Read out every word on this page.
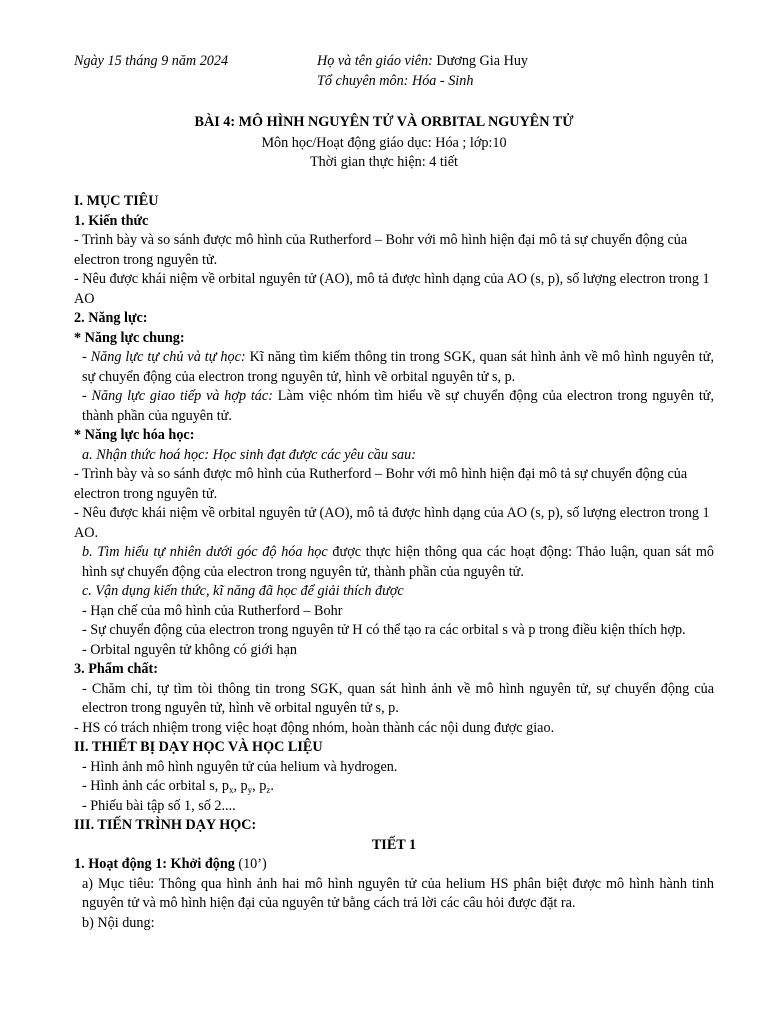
Ngày 15 tháng 9 năm 2024	Họ và tên giáo viên: Dương Gia Huy
Tổ chuyên môn: Hóa - Sinh
BÀI 4: MÔ HÌNH NGUYÊN TỬ VÀ ORBITAL NGUYÊN TỬ
Môn học/Hoạt động giáo dục: Hóa ; lớp:10
Thời gian thực hiện: 4 tiết

I. MỤC TIÊU

1. Kiến thức

- Trình bày và so sánh được mô hình của Rutherford – Bohr với mô hình hiện đại mô tả sự chuyển động của electron trong nguyên tử.

- Nêu được khái niệm về orbital nguyên tử (AO), mô tả được hình dạng của AO (s, p), số lượng electron trong 1 AO

2. Năng lực:

* Năng lực chung:

- Năng lực tự chủ và tự học: Kĩ năng tìm kiếm thông tin trong SGK, quan sát hình ảnh về mô hình nguyên tử, sự chuyển động của electron trong nguyên tử, hình vẽ orbital nguyên tử s, p.

- Năng lực giao tiếp và hợp tác: Làm việc nhóm tìm hiểu về sự chuyển động của electron trong nguyên tử, thành phần của nguyên tử.

* Năng lực hóa học:

a. Nhận thức hoá học: Học sinh đạt được các yêu cầu sau:

- Trình bày và so sánh được mô hình của Rutherford – Bohr với mô hình hiện đại mô tả sự chuyển động của electron trong nguyên tử.

- Nêu được khái niệm về orbital nguyên tử (AO), mô tả được hình dạng của AO (s, p), số lượng electron trong 1 AO.

b. Tìm hiểu tự nhiên dưới góc độ hóa học được thực hiện thông qua các hoạt động: Thảo luận, quan sát mô hình sự chuyển động của electron trong nguyên tử, thành phần của nguyên tử.

c. Vận dụng kiến thức, kĩ năng đã học để giải thích được

- Hạn chế của mô hình của Rutherford – Bohr

- Sự chuyển động của electron trong nguyên tử H có thể tạo ra các orbital s và p trong điều kiện thích hợp.

- Orbital nguyên tử không có giới hạn

3. Phẩm chất:

- Chăm chỉ, tự tìm tòi thông tin trong SGK, quan sát hình ảnh về mô hình nguyên tử, sự chuyển động của electron trong nguyên tử, hình vẽ orbital nguyên tử s, p.

- HS có trách nhiệm trong việc hoạt động nhóm, hoàn thành các nội dung được giao.

II. THIẾT BỊ DẠY HỌC VÀ HỌC LIỆU

- Hình ảnh mô hình nguyên tử của helium và hydrogen.

- Hình ảnh các orbital s, $p_x$, $p_y$, $p_z$.

- Phiếu bài tập số 1, số 2....

III. TIẾN TRÌNH DẠY HỌC:

TIẾT 1

1. Hoạt động 1: Khởi động (10’)

a) Mục tiêu: Thông qua hình ảnh hai mô hình nguyên tử của helium HS phân biệt được mô hình hành tinh nguyên tử và mô hình hiện đại của nguyên tử bằng cách trả lời các câu hỏi được đặt ra.

b) Nội dung:
